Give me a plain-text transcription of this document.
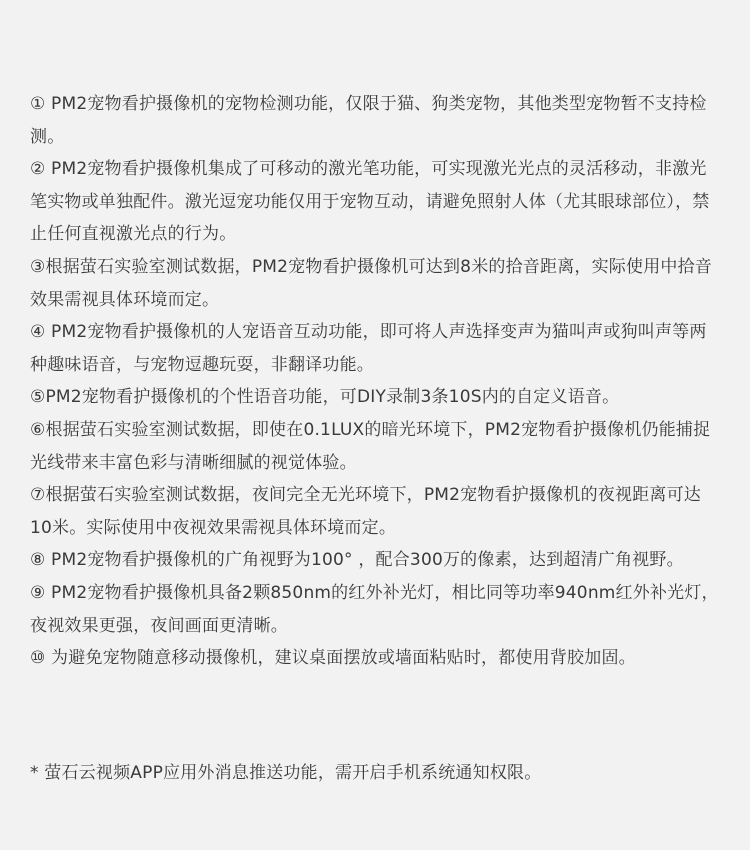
① PM2宠物看护摄像机的宠物检测功能，仅限于猫、狗类宠物，其他类型宠物暂不支持检测。
② PM2宠物看护摄像机集成了可移动的激光笔功能，可实现激光光点的灵活移动，非激光笔实物或单独配件。激光逗宠功能仅用于宠物互动，请避免照射人体（尤其眼球部位），禁止任何直视激光点的行为。
③根据萤石实验室测试数据，PM2宠物看护摄像机可达到8米的拾音距离，实际使用中拾音效果需视具体环境而定。
④ PM2宠物看护摄像机的人宠语音互动功能，即可将人声选择变声为猫叫声或狗叫声等两种趣味语音，与宠物逗趣玩耍，非翻译功能。
⑤PM2宠物看护摄像机的个性语音功能，可DIY录制3条10S内的自定义语音。
⑥根据萤石实验室测试数据，即使在0.1LUX的暗光环境下，PM2宠物看护摄像机仍能捕捉光线带来丰富色彩与清晰细腻的视觉体验。
⑦根据萤石实验室测试数据，夜间完全无光环境下，PM2宠物看护摄像机的夜视距离可达10米。实际使用中夜视效果需视具体环境而定。
⑧ PM2宠物看护摄像机的广角视野为100° ，配合300万的像素，达到超清广角视野。
⑨ PM2宠物看护摄像机具备2颗850nm的红外补光灯，相比同等功率940nm红外补光灯，夜视效果更强，夜间画面更清晰。
⑩ 为避免宠物随意移动摄像机，建议桌面摆放或墙面粘贴时，都使用背胶加固。

* 萤石云视频APP应用外消息推送功能，需开启手机系统通知权限。
